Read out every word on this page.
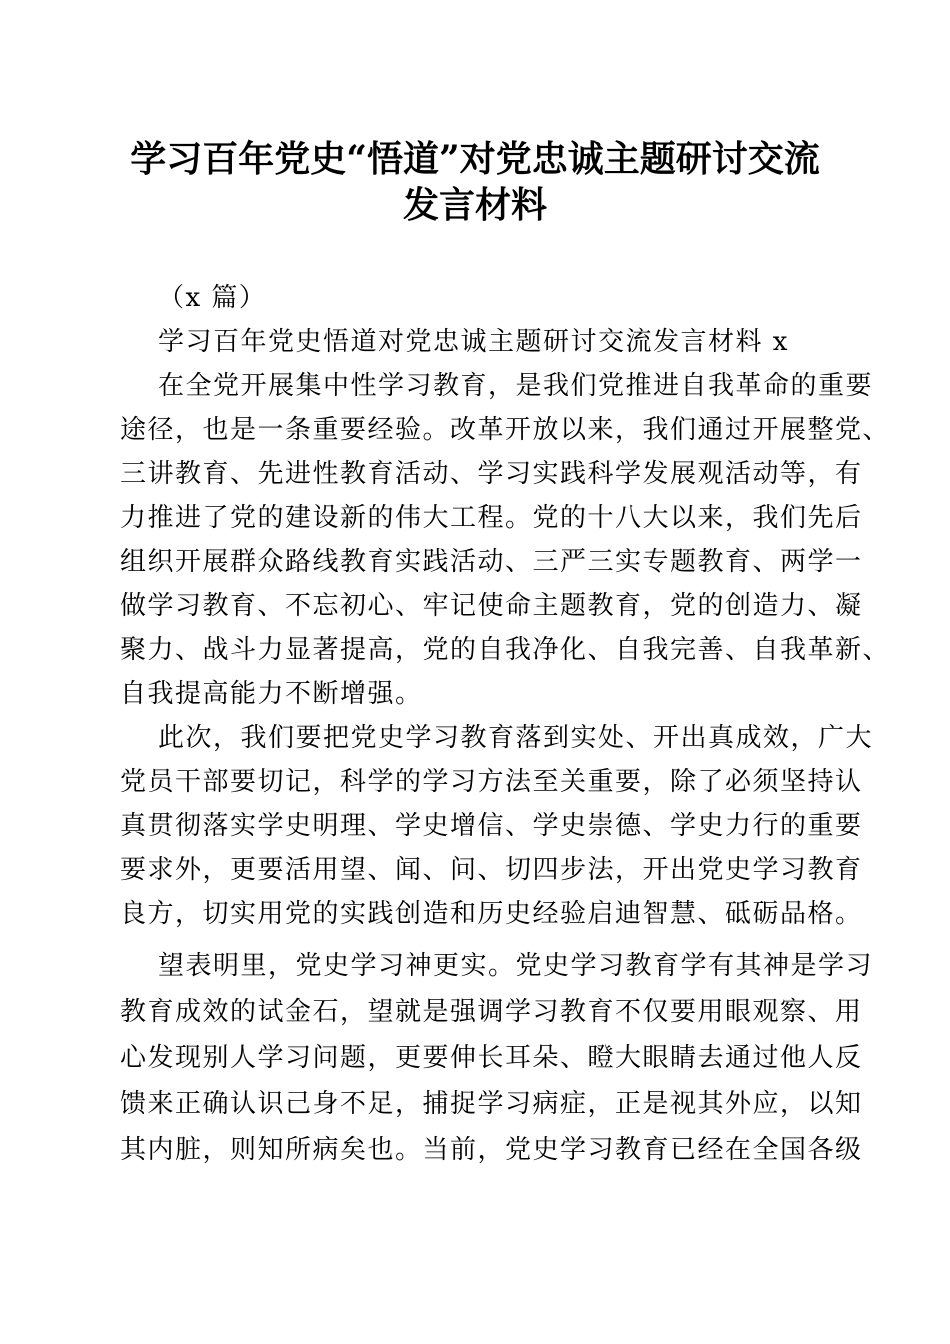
学习百年党史“悟道”对党忠诚主题研讨交流
发言材料
（x 篇）
学习百年党史悟道对党忠诚主题研讨交流发言材料 x
在全党开展集中性学习教育，是我们党推进自我革命的重要
途径，也是一条重要经验。改革开放以来，我们通过开展整党、
三讲教育、先进性教育活动、学习实践科学发展观活动等，有
力推进了党的建设新的伟大工程。党的十八大以来，我们先后
组织开展群众路线教育实践活动、三严三实专题教育、两学一
做学习教育、不忘初心、牢记使命主题教育，党的创造力、凝
聚力、战斗力显著提高，党的自我净化、自我完善、自我革新、
自我提高能力不断增强。
此次，我们要把党史学习教育落到实处、开出真成效，广大
党员干部要切记，科学的学习方法至关重要，除了必须坚持认
真贯彻落实学史明理、学史增信、学史崇德、学史力行的重要
要求外，更要活用望、闻、问、切四步法，开出党史学习教育
良方，切实用党的实践创造和历史经验启迪智慧、砥砺品格。
望表明里，党史学习神更实。党史学习教育学有其神是学习
教育成效的试金石，望就是强调学习教育不仅要用眼观察、用
心发现别人学习问题，更要伸长耳朵、瞪大眼睛去通过他人反
馈来正确认识己身不足，捕捉学习病症，正是视其外应，以知
其内脏，则知所病矣也。当前，党史学习教育已经在全国各级
